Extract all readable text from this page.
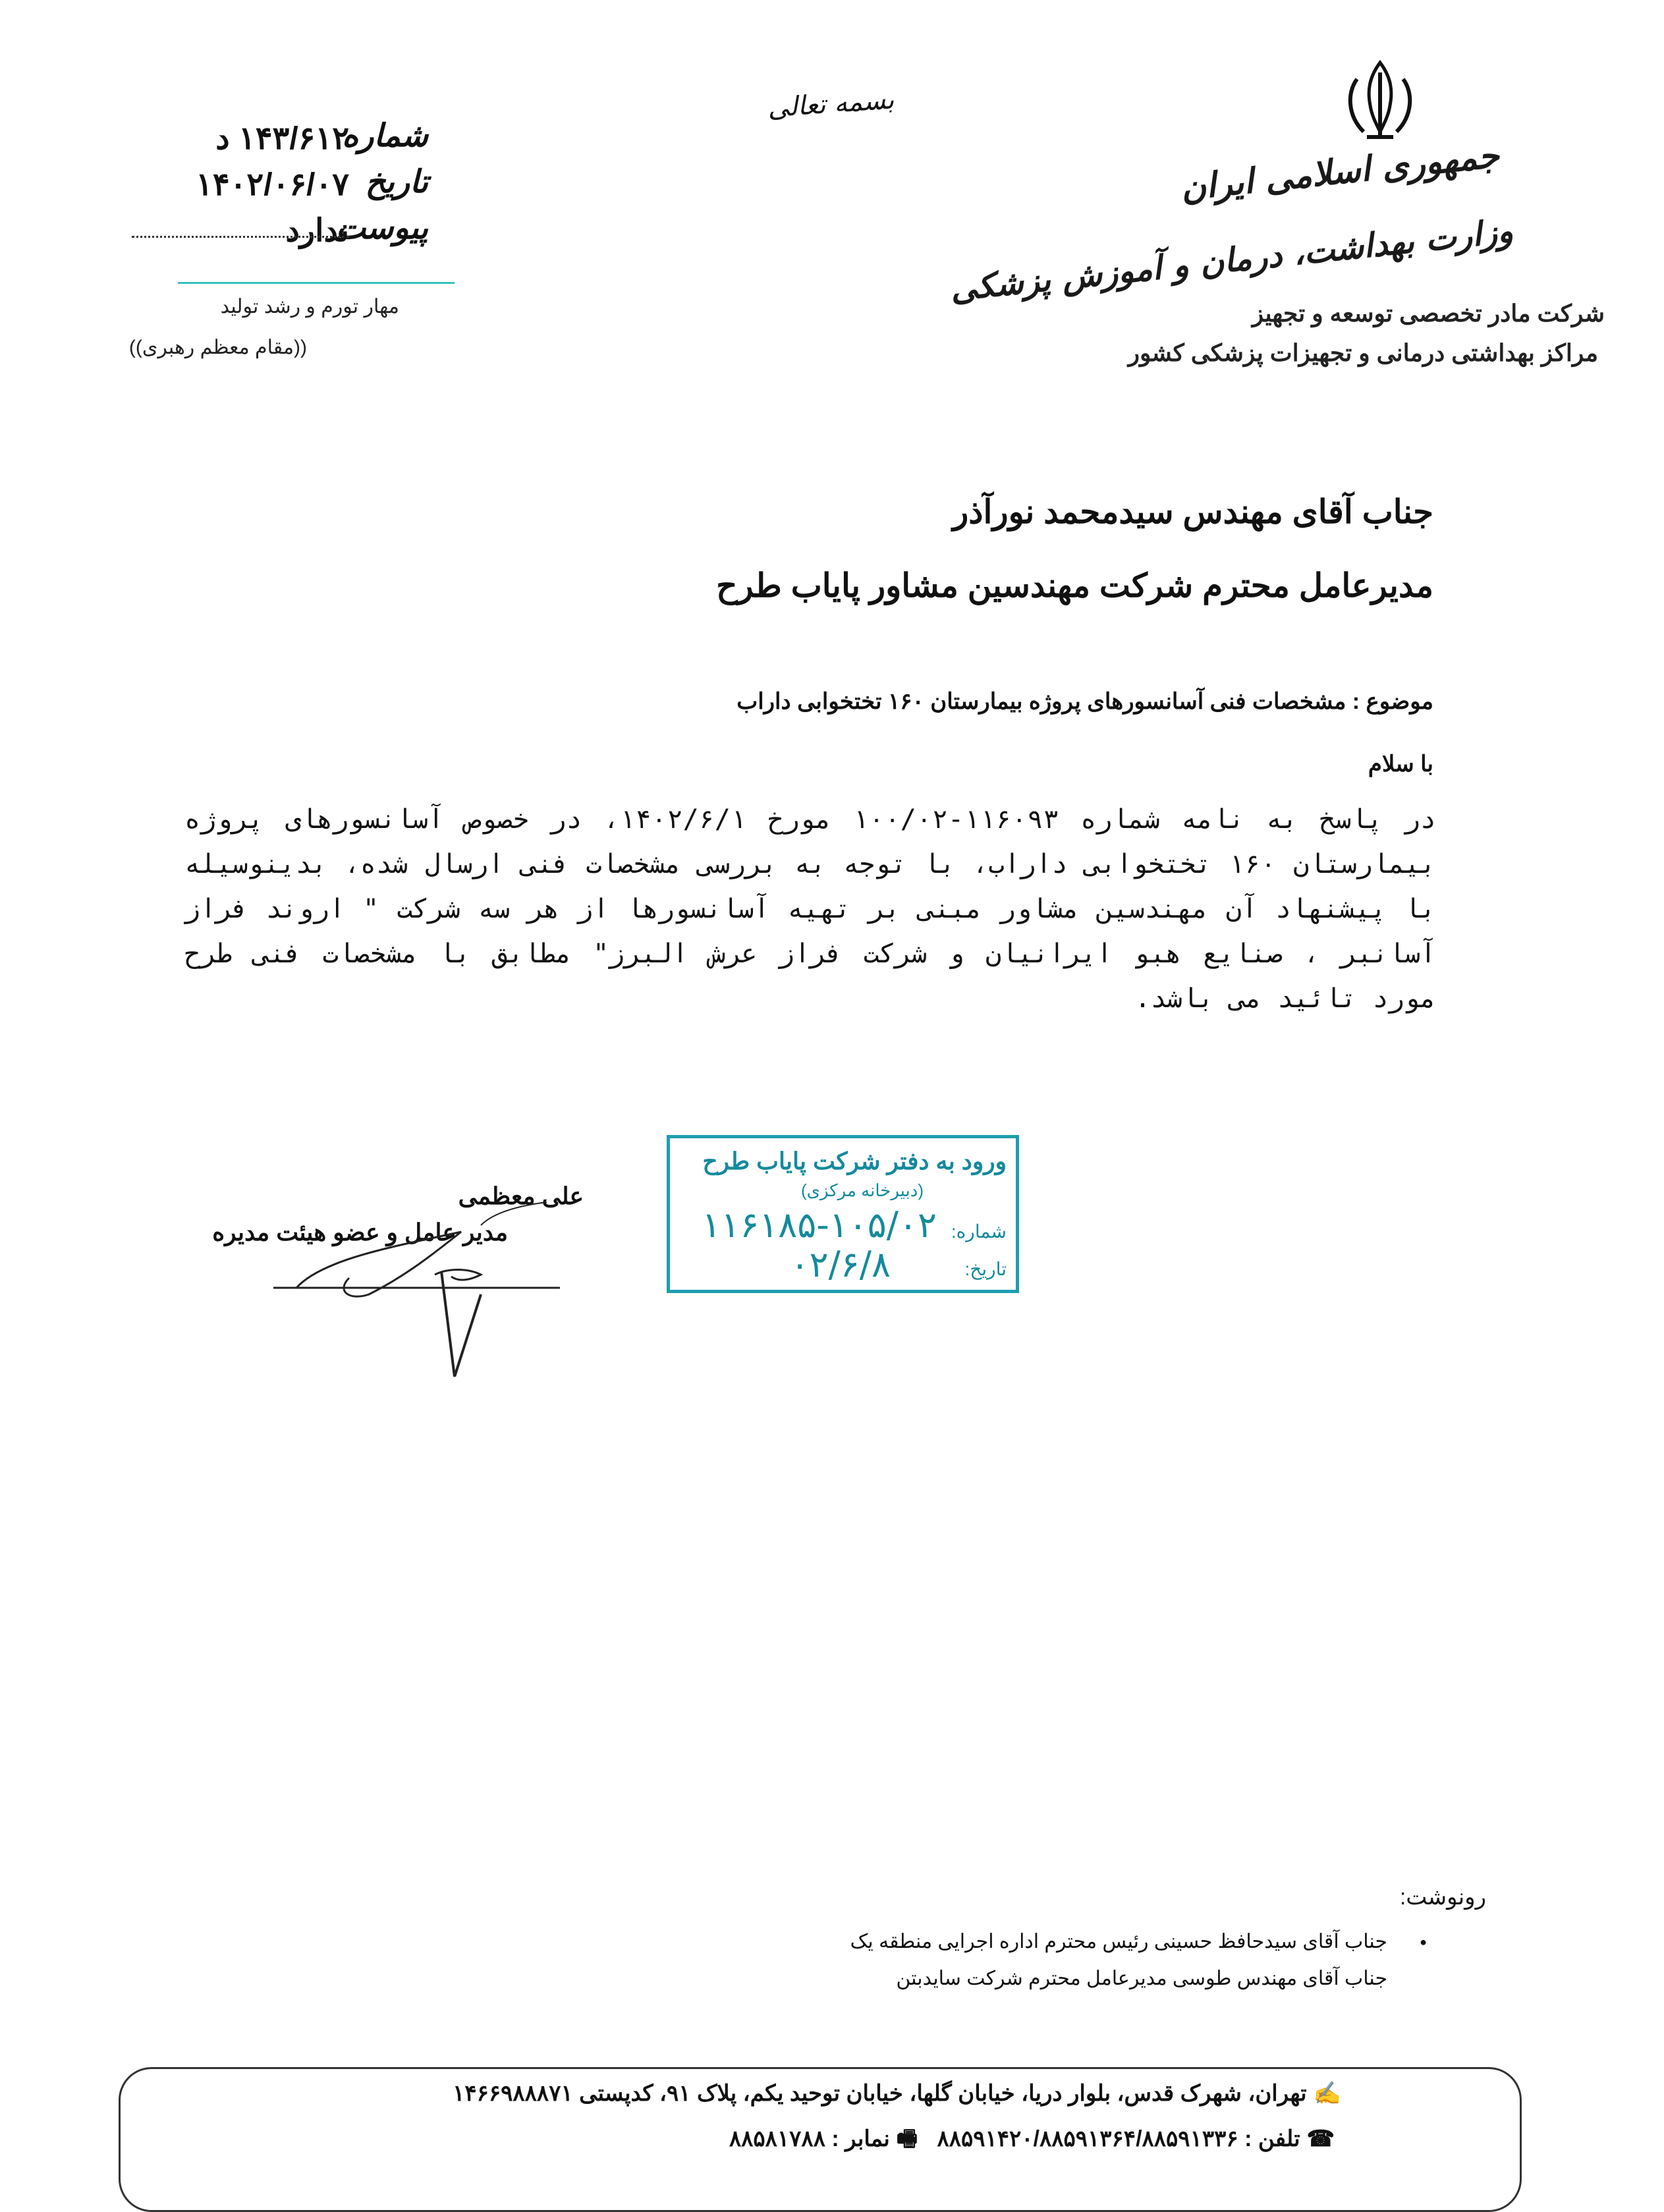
جمهوری اسلامی ایران
وزارت بهداشت، درمان و آموزش پزشکی
شرکت مادر تخصصی توسعه و تجهیز
مراکز بهداشتی درمانی و تجهیزات پزشکی کشور
بسمه تعالی
شماره
۱۴۳/۶۱۲ د
تاریخ
۱۴۰۲/۰۶/۰۷
پیوست
ندارد
مهار تورم و رشد تولید
((مقام معظم رهبری))
جناب آقای مهندس سیدمحمد نورآذر
مدیرعامل محترم شرکت مهندسین مشاور پایاب طرح
موضوع : مشخصات فنی آسانسورهای پروژه بیمارستان ۱۶۰ تختخوابی داراب
با سلام
در پاسخ به نامه شماره ۱۱۶۰۹۳-۱۰۰/۰۲ مورخ ۱۴۰۲/۶/۱، در خصوص آسانسورهای پروژه بیمارستان ۱۶۰ تختخوابی داراب، با توجه به بررسی مشخصات فنی ارسال شده، بدینوسیله با پیشنهاد آن مهندسین مشاور مبنی بر تهیه آسانسورها از هر سه شرکت " اروند فراز آسانبر ، صنایع هبو ایرانیان و شرکت فراز عرش البرز" مطابق با مشخصات فنی طرح مورد تائید می باشد.
علی معظمی
مدیر عامل و عضو هیئت مدیره
ورود به دفتر شرکت پایاب طرح
(دبیرخانه مرکزی)
شماره:
۱۱۶۱۸۵-۱۰۵/۰۲
تاریخ:
۰۲/۶/۸
رونوشت:
● جناب آقای سیدحافظ حسینی رئیس محترم اداره اجرایی منطقه یک
جناب آقای مهندس طوسی مدیرعامل محترم شرکت سایدبتن
✍تهران، شهرک قدس، بلوار دریا، خیابان گلها، خیابان توحید یکم، پلاک ۹۱، کدپستی ۱۴۶۶۹۸۸۸۷۱
☎تلفن : ۸۸۵۹۱۴۲۰/۸۸۵۹۱۳۶۴/۸۸۵۹۱۳۳۶ 🖷نمابر : ۸۸۵۸۱۷۸۸
